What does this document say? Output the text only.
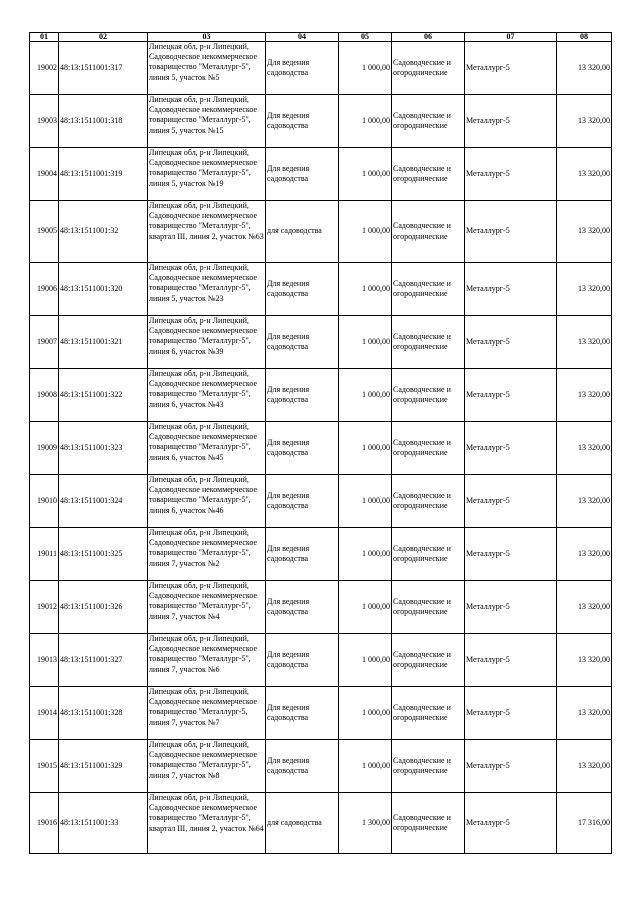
01	02	03	04	05	06	07	08
19002	48:13:1511001:317	Липецкая обл, р-н Липецкий, Садоводческое некоммерческое товарищество "Металлург-5", линия 5, участок №5	Для ведения садоводства	1 000,00	Садоводческие и огороднические	Металлург-5	13 320,00
19003	48:13:1511001:318	Липецкая обл, р-н Липецкий, Садоводческое некоммерческое товарищество "Металлург-5", линия 5, участок №15	Для ведения садоводства	1 000,00	Садоводческие и огороднические	Металлург-5	13 320,00
19004	48:13:1511001:319	Липецкая обл, р-н Липецкий, Садоводческое некоммерческое товарищество "Металлург-5", линия 5, участок №19	Для ведения садоводства	1 000,00	Садоводческие и огороднические	Металлург-5	13 320,00
19005	48:13:1511001:32	Липецкая обл, р-н Липецкий, Садоводческое некоммерческое товарищество "Металлург-5", квартал III, линия 2, участок №63	для садоводства	1 000,00	Садоводческие и огороднические	Металлург-5	13 320,00
19006	48:13:1511001:320	Липецкая обл, р-н Липецкий, Садоводческое некоммерческое товарищество "Металлург-5", линия 5, участок №23	Для ведения садоводства	1 000,00	Садоводческие и огороднические	Металлург-5	13 320,00
19007	48:13:1511001:321	Липецкая обл, р-н Липецкий, Садоводческое некоммерческое товарищество "Металлург-5", линия 6, участок №39	Для ведения садоводства	1 000,00	Садоводческие и огороднические	Металлург-5	13 320,00
19008	48:13:1511001:322	Липецкая обл, р-н Липецкий, Садоводческое некоммерческое товарищество "Металлург-5", линия 6, участок №43	Для ведения садоводства	1 000,00	Садоводческие и огороднические	Металлург-5	13 320,00
19009	48:13:1511001:323	Липецкая обл, р-н Липецкий, Садоводческое некоммерческое товарищество "Металлург-5", линия 6, участок №45	Для ведения садоводства	1 000,00	Садоводческие и огороднические	Металлург-5	13 320,00
19010	48:13:1511001:324	Липецкая обл, р-н Липецкий, Садоводческое некоммерческое товарищество "Металлург-5", линия 6, участок №46	Для ведения садоводства	1 000,00	Садоводческие и огороднические	Металлург-5	13 320,00
19011	48:13:1511001:325	Липецкая обл, р-н Липецкий, Садоводческое некоммерческое товарищество "Металлург-5", линия 7, участок №2	Для ведения садоводства	1 000,00	Садоводческие и огороднические	Металлург-5	13 320,00
19012	48:13:1511001:326	Липецкая обл, р-н Липецкий, Садоводческое некоммерческое товарищество "Металлург-5", линия 7, участок №4	Для ведения садоводства	1 000,00	Садоводческие и огороднические	Металлург-5	13 320,00
19013	48:13:1511001:327	Липецкая обл, р-н Липецкий, Садоводческое некоммерческое товарищество "Металлург-5", линия 7, участок №6	Для ведения садоводства	1 000,00	Садоводческие и огороднические	Металлург-5	13 320,00
19014	48:13:1511001:328	Липецкая обл, р-н Липецкий, Садоводческое некоммерческое товарищество "Металлург-5, линия 7, участок №7	Для ведения садоводства	1 000,00	Садоводческие и огороднические	Металлург-5	13 320,00
19015	48:13:1511001:329	Липецкая обл, р-н Липецкий, Садоводческое некоммерческое товарищество "Металлург-5", линия 7, участок №8	Для ведения садоводства	1 000,00	Садоводческие и огороднические	Металлург-5	13 320,00
19016	48:13:1511001:33	Липецкая обл, р-н Липецкий, Садоводческое некоммерческое товарищество "Металлург-5", квартал III, линия 2, участок №64	для садоводства	1 300,00	Садоводческие и огороднические	Металлург-5	17 316,00
